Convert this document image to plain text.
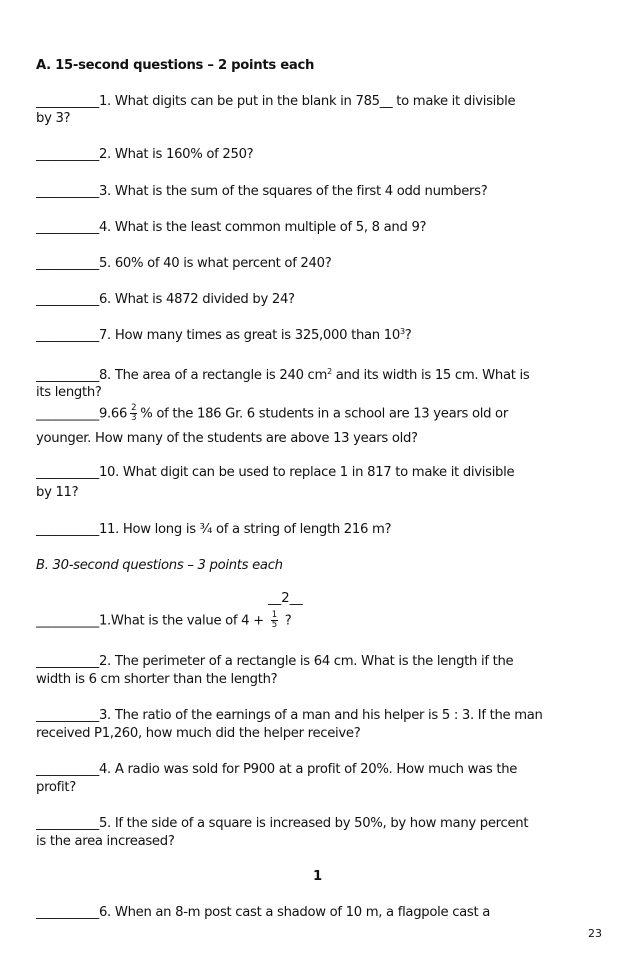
A. 15-second questions – 2 points each
__________1. What digits can be put in the blank in 785__ to make it divisible
by 3?
__________2. What is 160% of 250?
__________3. What is the sum of the squares of the first 4 odd numbers?
__________4. What is the least common multiple of 5, 8 and 9?
__________5. 60% of 40 is what percent of 240?
__________6. What is 4872 divided by 24?
__________7. How many times as great is 325,000 than $10^3$?
__________8. The area of a rectangle is 240 $cm^2$ and its width is 15 cm. What is
its length?
__________9.66 $\frac{2}{3}$ % of the 186 Gr. 6 students in a school are 13 years old or
younger. How many of the students are above 13 years old?
__________10. What digit can be used to replace 1 in 817 to make it divisible
by 11?
__________11. How long is ¾ of a string of length 216 m?
B. 30-second questions – 3 points each
__2__
__________1.What is the value of $4 + \frac{1}{5}$ ?
__________2. The perimeter of a rectangle is 64 cm. What is the length if the
width is 6 cm shorter than the length?
__________3. The ratio of the earnings of a man and his helper is 5 : 3. If the man
received P1,260, how much did the helper receive?
__________4. A radio was sold for P900 at a profit of 20%. How much was the
profit?
__________5. If the side of a square is increased by 50%, by how many percent
is the area increased?
1
__________6. When an 8-m post cast a shadow of 10 m, a flagpole cast a
23
